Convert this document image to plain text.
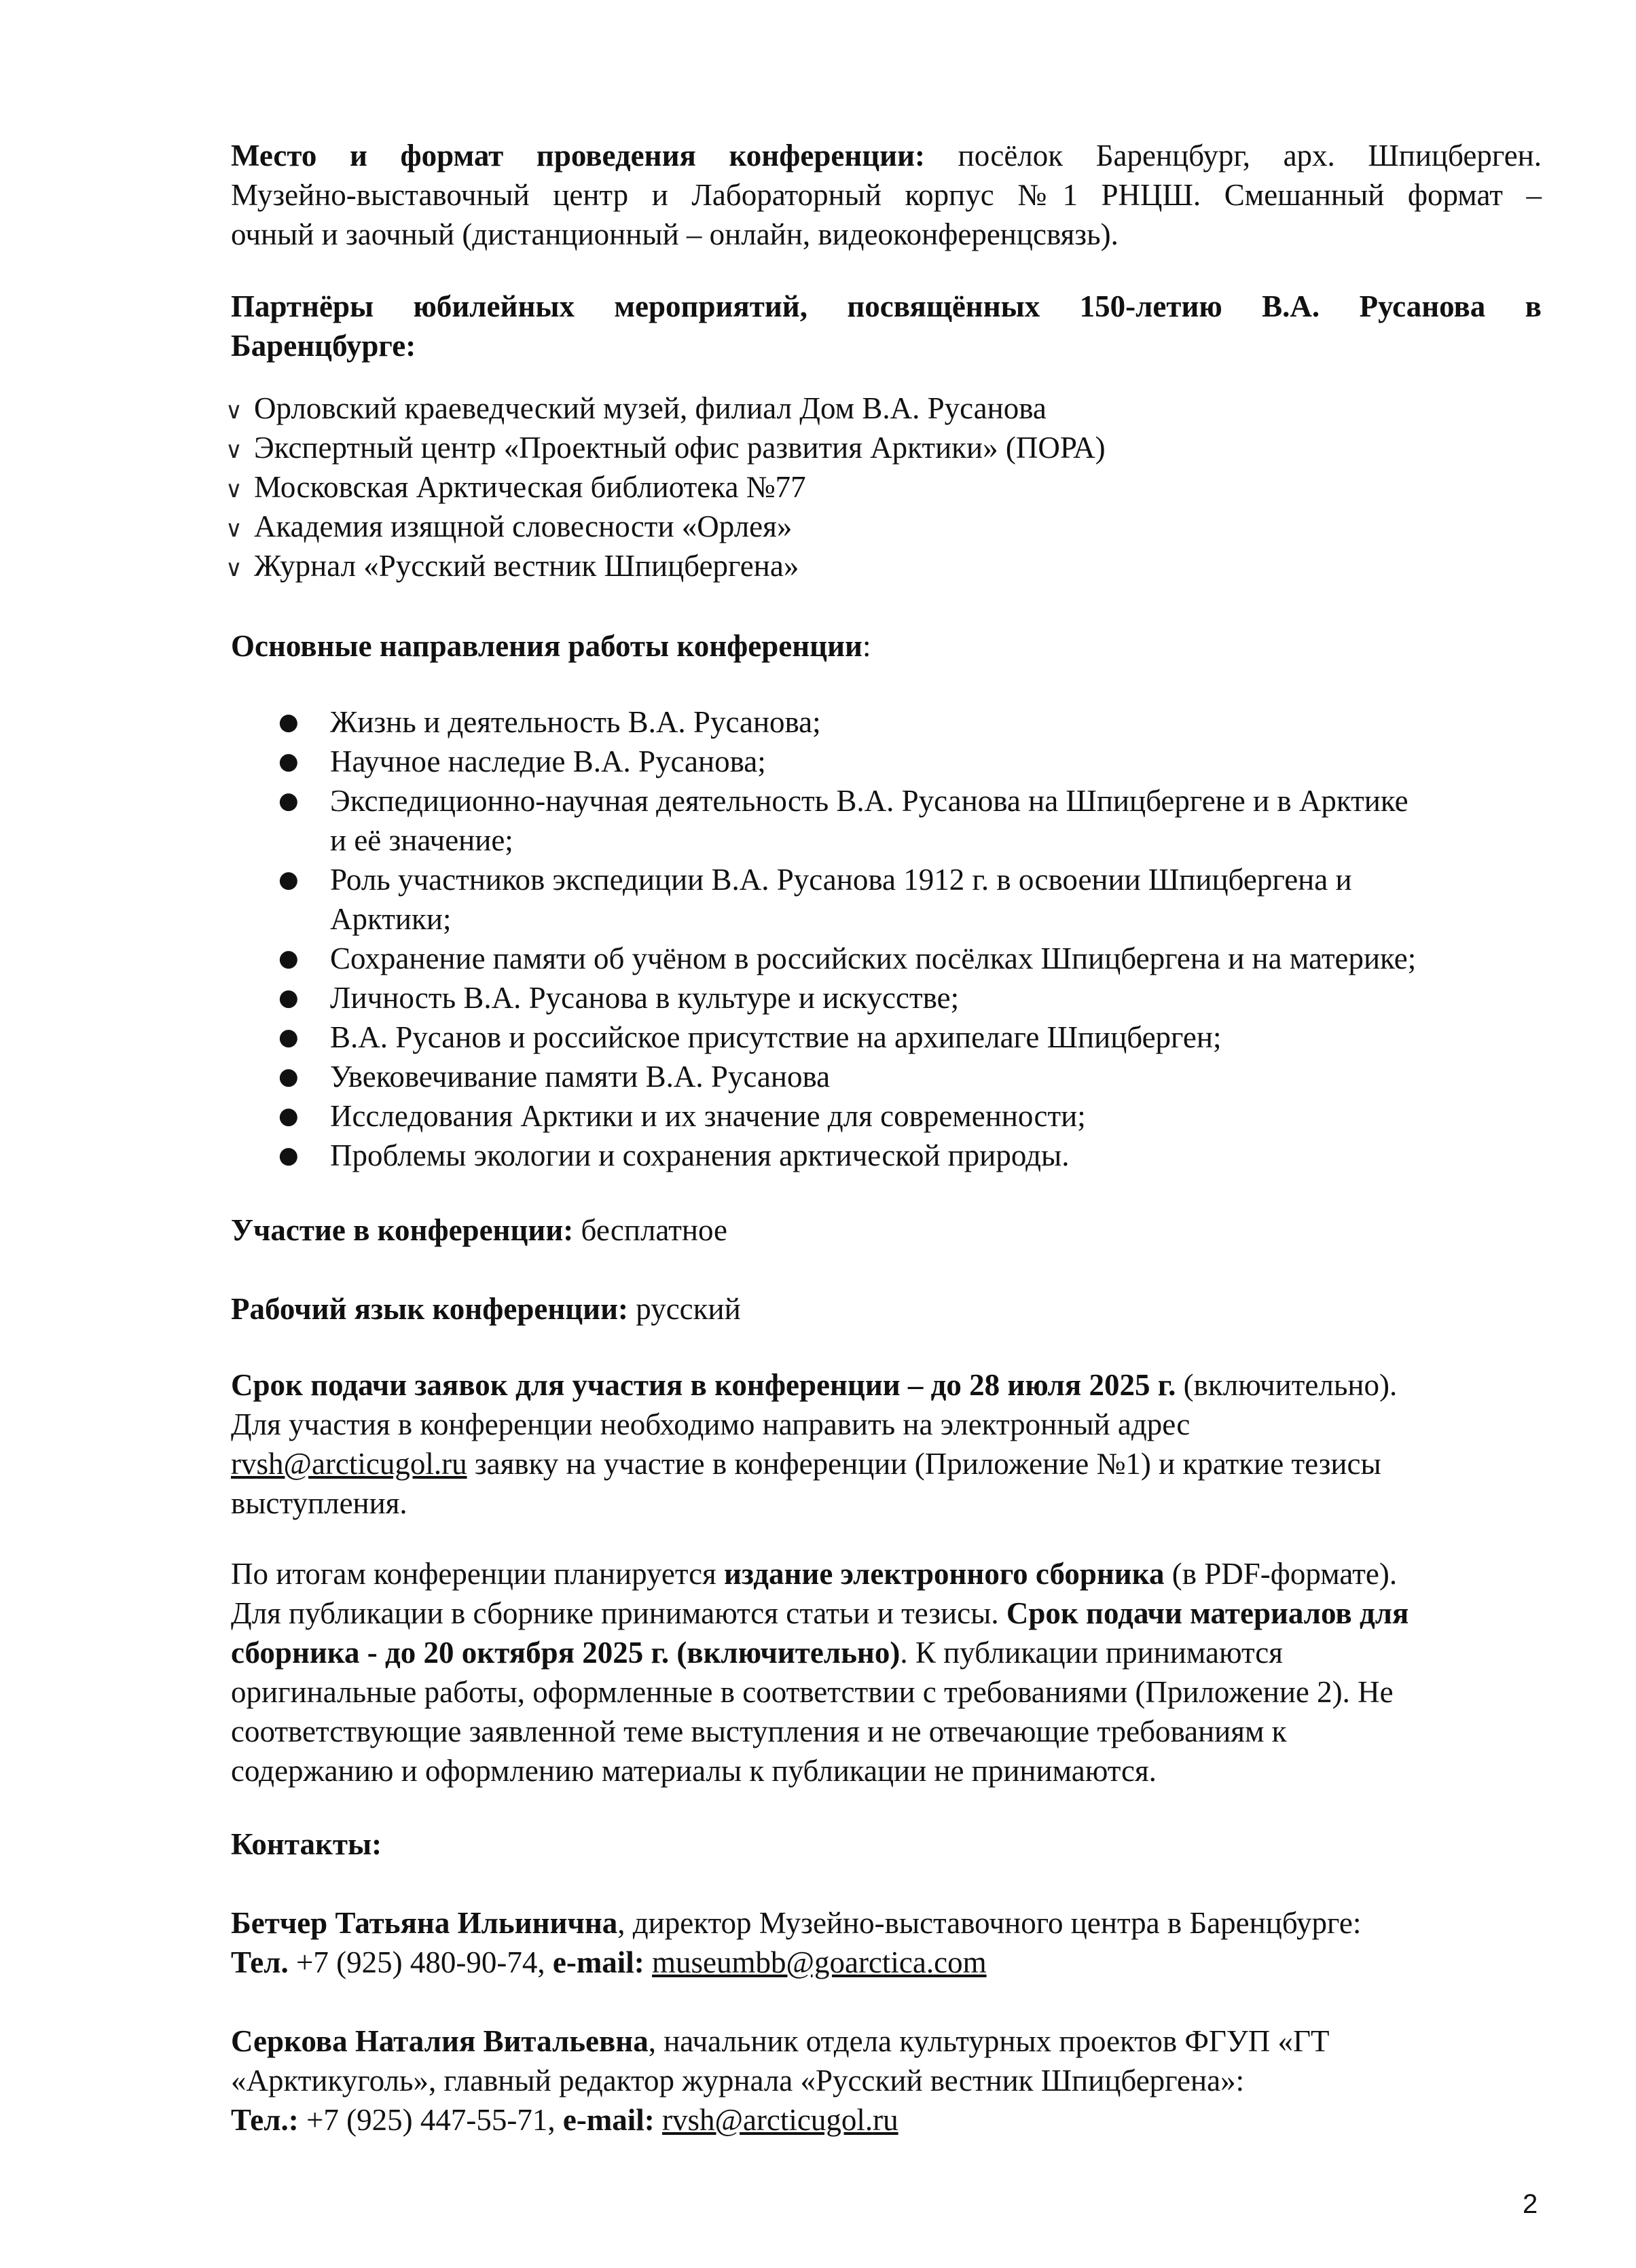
Место и формат проведения конференции: посёлок Баренцбург, арх. Шпицберген.
Музейно-выставочный центр и Лабораторный корпус №1 РНЦШ. Смешанный формат –
очный и заочный (дистанционный – онлайн, видеоконференцсвязь).
Партнёры юбилейных мероприятий, посвящённых 150-летию В.А. Русанова в
Баренцбурге:
∨ Орловский краеведческий музей, филиал Дом В.А. Русанова
∨ Экспертный центр «Проектный офис развития Арктики» (ПОРА)
∨ Московская Арктическая библиотека №77
∨ Академия изящной словесности «Орлея»
∨ Журнал «Русский вестник Шпицбергена»
Основные направления работы конференции:
●	Жизнь и деятельность В.А. Русанова;
●	Научное наследие В.А. Русанова;
●	Экспедиционно-научная деятельность В.А. Русанова на Шпицбергене и в Арктике
и её значение;
●	Роль участников экспедиции В.А. Русанова 1912 г. в освоении Шпицбергена и
Арктики;
●	Сохранение памяти об учёном в российских посёлках Шпицбергена и на материке;
●	Личность В.А. Русанова в культуре и искусстве;
●	В.А. Русанов и российское присутствие на архипелаге Шпицберген;
●	Увековечивание памяти В.А. Русанова
●	Исследования Арктики и их значение для современности;
●	Проблемы экологии и сохранения арктической природы.
Участие в конференции: бесплатное
Рабочий язык конференции: русский
Срок подачи заявок для участия в конференции – до 28 июля 2025 г. (включительно).
Для участия в конференции необходимо направить на электронный адрес
rvsh@arcticugol.ru заявку на участие в конференции (Приложение №1) и краткие тезисы
выступления.
По итогам конференции планируется издание электронного сборника (в PDF-формате).
Для публикации в сборнике принимаются статьи и тезисы. Срок подачи материалов для
сборника - до 20 октября 2025 г. (включительно). К публикации принимаются
оригинальные работы, оформленные в соответствии с требованиями (Приложение 2). Не
соответствующие заявленной теме выступления и не отвечающие требованиям к
содержанию и оформлению материалы к публикации не принимаются.
Контакты:
Бетчер Татьяна Ильинична, директор Музейно-выставочного центра в Баренцбурге:
Тел. +7 (925) 480-90-74, e-mail: museumbb@goarctica.com
Серкова Наталия Витальевна, начальник отдела культурных проектов ФГУП «ГТ
«Арктикуголь», главный редактор журнала «Русский вестник Шпицбергена»:
Тел.: +7 (925) 447-55-71, e-mail: rvsh@arcticugol.ru
2
